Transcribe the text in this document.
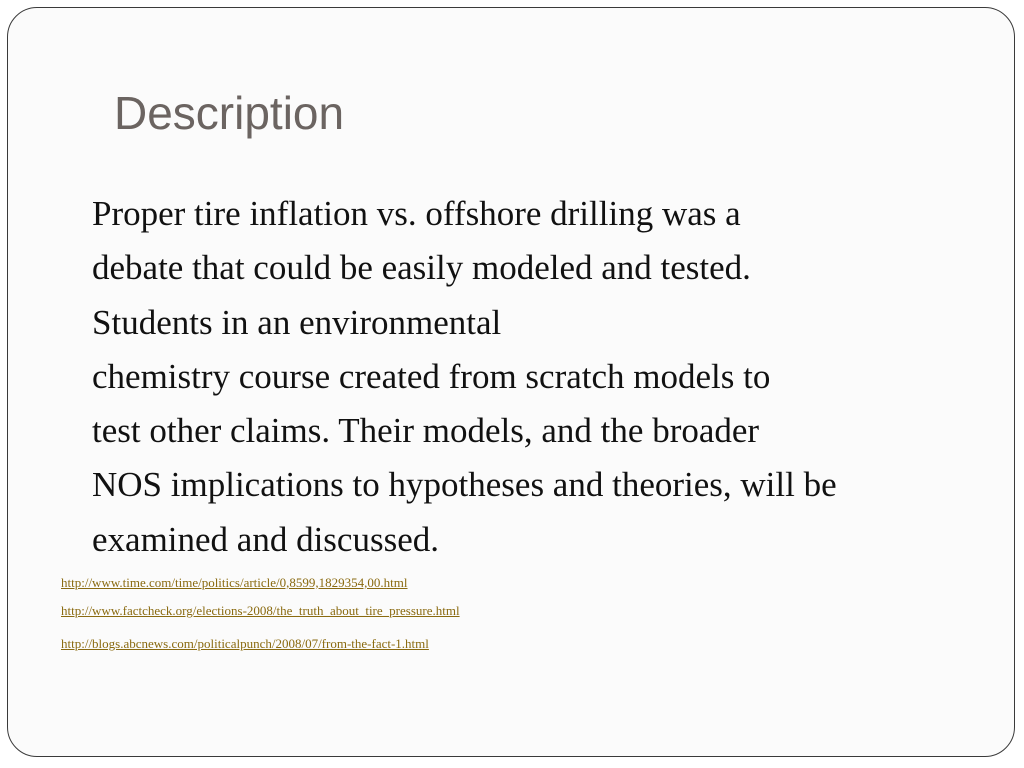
Description
Proper tire inflation vs. offshore drilling was a
debate that could be easily modeled and tested.
Students in an environmental
chemistry course created from scratch models to
test other claims. Their models, and the broader
NOS implications to hypotheses and theories, will be
examined and discussed.
http://www.time.com/time/politics/article/0,8599,1829354,00.html
http://www.factcheck.org/elections-2008/the_truth_about_tire_pressure.html
http://blogs.abcnews.com/politicalpunch/2008/07/from-the-fact-1.html
